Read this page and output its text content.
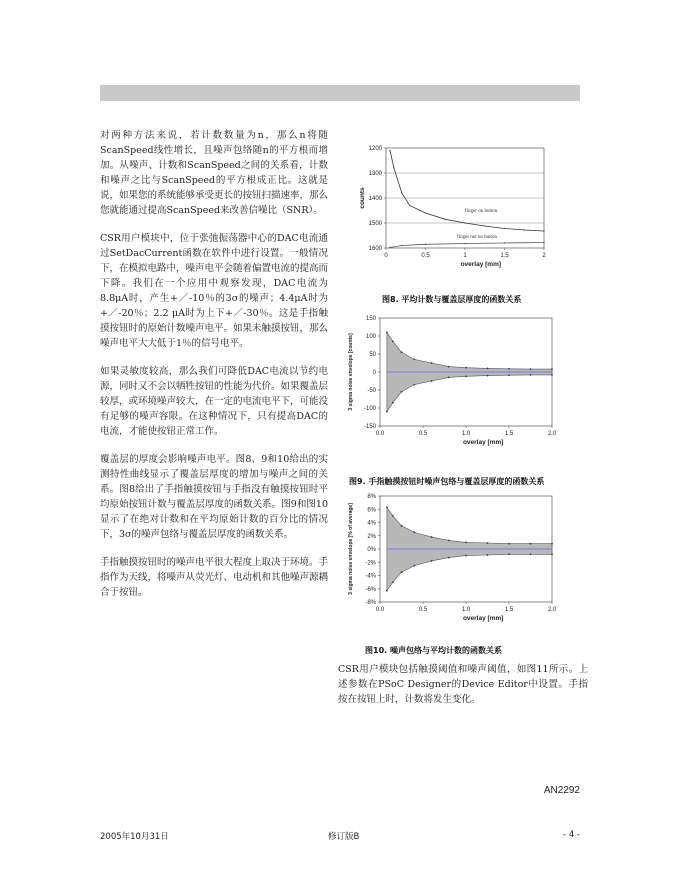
对两种方法来说，若计数数量为n，那么n将随ScanSpeed线性增长，且噪声包络随n的平方根而增加。从噪声、计数和ScanSpeed之间的关系看，计数和噪声之比与ScanSpeed的平方根成正比。这就是说，如果您的系统能够承受更长的按钮扫描速率，那么您就能通过提高ScanSpeed来改善信噪比（SNR）。

CSR用户模块中，位于张弛振荡器中心的DAC电流通过SetDacCurrent函数在软件中进行设置。一般情况下，在模拟电路中，噪声电平会随着偏置电流的提高而下降。我们在一个应用中观察发现，DAC电流为8.8μA时，产生+／-10％的3σ的噪声；4.4μA时为+／-20％；2.2 μA时为上下+／-30％。这是手指触摸按钮时的原始计数噪声电平。如果未触摸按钮，那么噪声电平大大低于1％的信号电平。

如果灵敏度较高，那么我们可降低DAC电流以节约电源，同时又不会以牺牲按钮的性能为代价。如果覆盖层较厚，或环境噪声较大，在一定的电流电平下，可能没有足够的噪声容限。在这种情况下，只有提高DAC的电流，才能使按钮正常工作。

覆盖层的厚度会影响噪声电平。图8、9和10给出的实测特性曲线显示了覆盖层厚度的增加与噪声之间的关系。图8给出了手指触摸按钮与手指没有触摸按钮时平均原始按钮计数与覆盖层厚度的函数关系。图9和图10显示了在绝对计数和在平均原始计数的百分比的情况下，3σ的噪声包络与覆盖层厚度的函数关系。

手指触摸按钮时的噪声电平很大程度上取决于环境。手指作为天线，将噪声从荧光灯、电动机和其他噪声源耦合于按钮。

1200
1300
1400
1500
1600
0	0.5	1	1.5	2
overlay [mm]
counts
finger on button
finger not on button
图8. 平均计数与覆盖层厚度的函数关系
150
100
50
0
-50
-100
-150
0.0	0.5	1.0	1.5	2.0
overlay [mm]
3 sigma noise envelope [counts]
图9. 手指触摸按钮时噪声包络与覆盖层厚度的函数关系
8%
6%
4%
2%
0%
-2%
-4%
-6%
-8%
0.0	0.5	1.0	1.5	2.0
overlay [mm]
3 sigma noise envelope [% of average]
图10. 噪声包络与平均计数的函数关系
CSR用户模块包括触摸阈值和噪声阈值，如图11所示。上述参数在PSoC Designer的Device Editor中设置。手指按在按钮上时，计数将发生变化。
AN2292
2005年10月31日	修订版B	- 4 -
